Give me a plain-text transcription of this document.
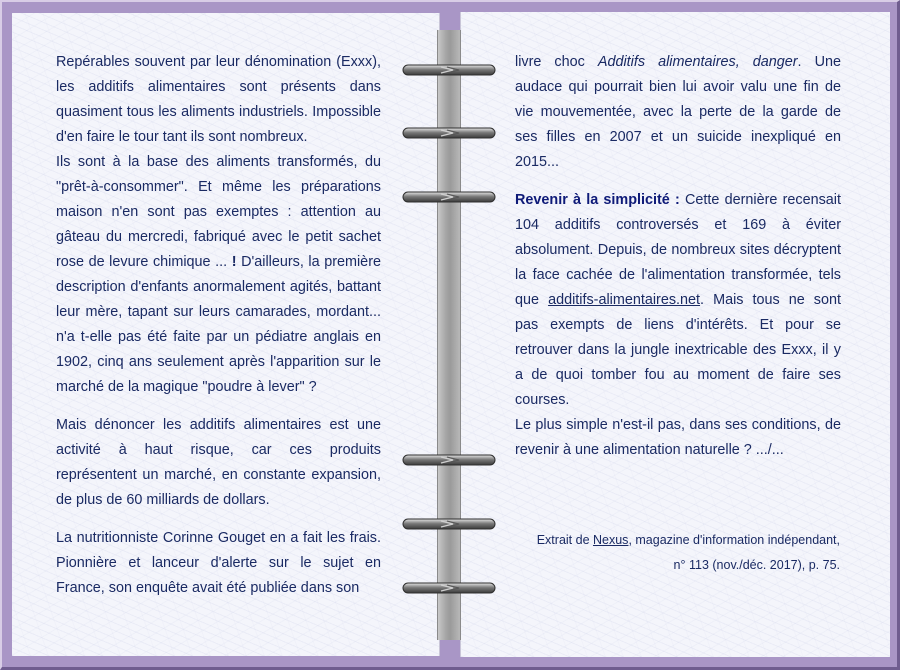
Repérables souvent par leur dénomination (Exxx), les additifs alimentaires sont présents dans quasiment tous les aliments industriels. Impossible d'en faire le tour tant ils sont nombreux.

Ils sont à la base des aliments transformés, du "prêt-à-consommer". Et même les préparations maison n'en sont pas exemptes : attention au gâteau du mercredi, fabriqué avec le petit sachet rose de levure chimique ... ! D'ailleurs, la première description d'enfants anormalement agités, battant leur mère, tapant sur leurs camarades, mordant... n'a t-elle pas été faite par un pédiatre anglais en 1902, cinq ans seulement après l'apparition sur le marché de la magique "poudre à lever" ?

Mais dénoncer les additifs alimentaires est une activité à haut risque, car ces produits représentent un marché, en constante expansion, de plus de 60 milliards de dollars.

La nutritionniste Corinne Gouget en a fait les frais. Pionnière et lanceur d'alerte sur le sujet en France, son enquête avait été publiée dans son

livre choc Additifs alimentaires, danger. Une audace qui pourrait bien lui avoir valu une fin de vie mouvementée, avec la perte de la garde de ses filles en 2007 et un suicide inexpliqué en 2015...

Revenir à la simplicité : Cette dernière recensait 104 additifs controversés et 169 à éviter absolument. Depuis, de nombreux sites décryptent la face cachée de l'alimentation transformée, tels que additifs-alimentaires.net. Mais tous ne sont pas exempts de liens d'intérêts. Et pour se retrouver dans la jungle inextricable des Exxx, il y a de quoi tomber fou au moment de faire ses courses.

Le plus simple n'est-il pas, dans ses conditions, de revenir à une alimentation naturelle ? .../...

Extrait de Nexus, magazine d'information indépendant,
n° 113 (nov./déc. 2017), p. 75.
